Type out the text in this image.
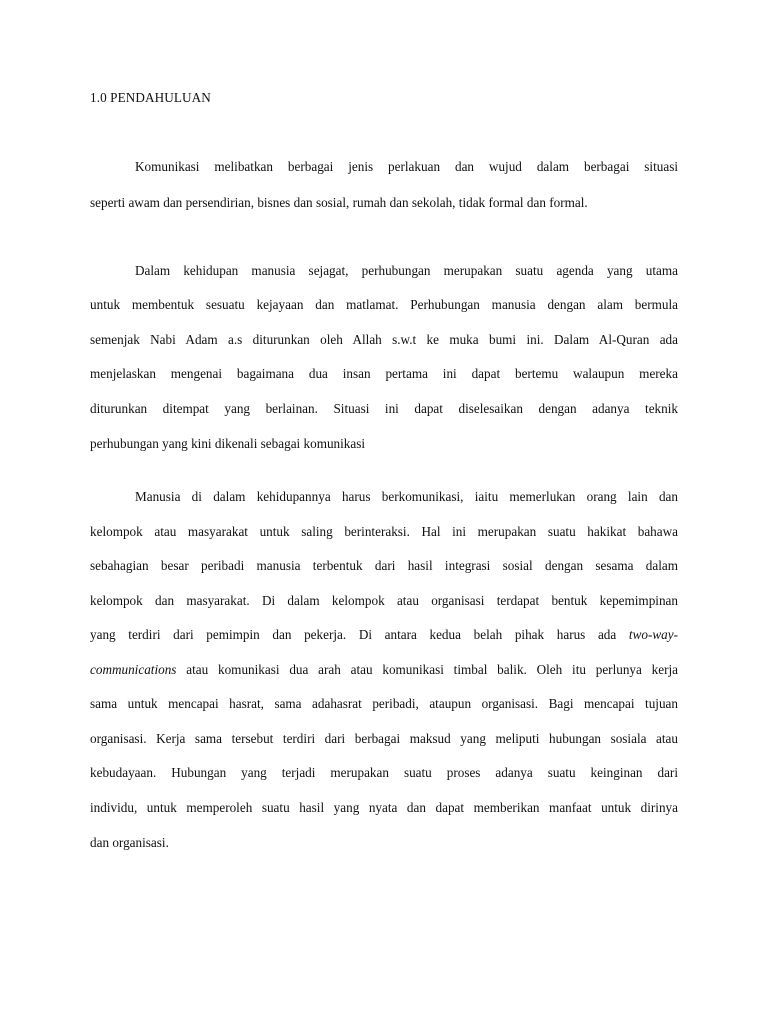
1.0 PENDAHULUAN
Komunikasi melibatkan berbagai jenis perlakuan dan wujud dalam berbagai situasi
seperti awam dan persendirian, bisnes dan sosial, rumah dan sekolah, tidak formal dan formal.
Dalam kehidupan manusia sejagat, perhubungan merupakan suatu agenda yang utama
untuk membentuk sesuatu kejayaan dan matlamat. Perhubungan manusia dengan alam bermula
semenjak Nabi Adam a.s diturunkan oleh Allah s.w.t ke muka bumi ini. Dalam Al-Quran ada
menjelaskan mengenai bagaimana dua insan pertama ini dapat bertemu walaupun mereka
diturunkan ditempat yang berlainan. Situasi ini dapat diselesaikan dengan adanya teknik
perhubungan yang kini dikenali sebagai komunikasi
Manusia di dalam kehidupannya harus berkomunikasi, iaitu memerlukan orang lain dan
kelompok atau masyarakat untuk saling berinteraksi. Hal ini merupakan suatu hakikat bahawa
sebahagian besar peribadi manusia terbentuk dari hasil integrasi sosial dengan sesama dalam
kelompok dan masyarakat. Di dalam kelompok atau organisasi terdapat bentuk kepemimpinan
yang terdiri dari pemimpin dan pekerja. Di antara kedua belah pihak harus ada two-way-
communications atau komunikasi dua arah atau komunikasi timbal balik. Oleh itu perlunya kerja
sama untuk mencapai hasrat, sama adahasrat peribadi, ataupun organisasi. Bagi mencapai tujuan
organisasi. Kerja sama tersebut terdiri dari berbagai maksud yang meliputi hubungan sosiala atau
kebudayaan. Hubungan yang terjadi merupakan suatu proses adanya suatu keinginan dari
individu, untuk memperoleh suatu hasil yang nyata dan dapat memberikan manfaat untuk dirinya
dan organisasi.
